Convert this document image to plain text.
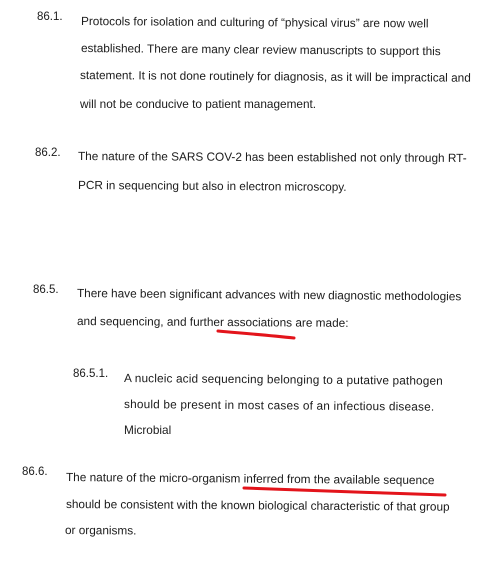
86.1. Protocols for isolation and culturing of “physical virus” are now well
established. There are many clear review manuscripts to support this
statement. It is not done routinely for diagnosis, as it will be impractical and
will not be conducive to patient management.
86.2. The nature of the SARS COV-2 has been established not only through RT-
PCR in sequencing but also in electron microscopy.
86.5. There have been significant advances with new diagnostic methodologies
and sequencing, and further associations are made:
86.5.1. A nucleic acid sequencing belonging to a putative pathogen
should be present in most cases of an infectious disease.
Microbial
86.6. The nature of the micro-organism inferred from the available sequence
should be consistent with the known biological characteristic of that group
or organisms.
